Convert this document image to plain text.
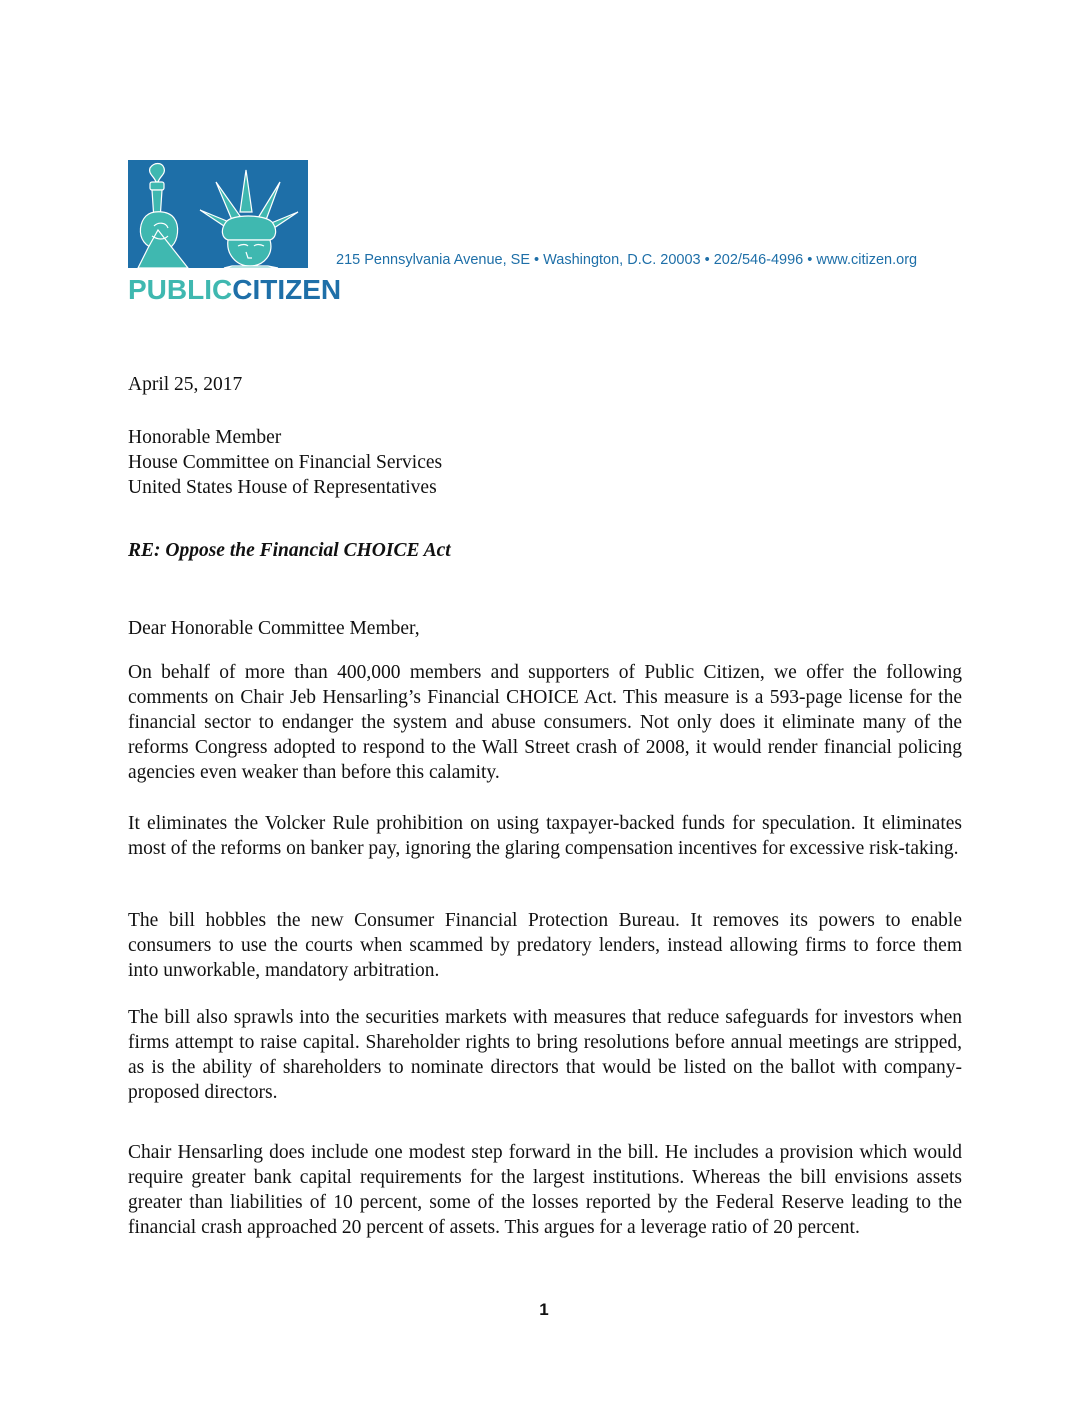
PUBLICCITIZEN
215 Pennsylvania Avenue, SE • Washington, D.C. 20003 • 202/546-4996 • www.citizen.org

April 25, 2017

Honorable Member

House Committee on Financial Services

United States House of Representatives

RE: Oppose the Financial CHOICE Act

Dear Honorable Committee Member,

On behalf of more than 400,000 members and supporters of Public Citizen, we offer the following comments on Chair Jeb Hensarling’s Financial CHOICE Act. This measure is a 593-page license for the financial sector to endanger the system and abuse consumers. Not only does it eliminate many of the reforms Congress adopted to respond to the Wall Street crash of 2008, it would render financial policing agencies even weaker than before this calamity.

It eliminates the Volcker Rule prohibition on using taxpayer-backed funds for speculation. It eliminates most of the reforms on banker pay, ignoring the glaring compensation incentives for excessive risk-taking.

The bill hobbles the new Consumer Financial Protection Bureau. It removes its powers to enable consumers to use the courts when scammed by predatory lenders, instead allowing firms to force them into unworkable, mandatory arbitration.

The bill also sprawls into the securities markets with measures that reduce safeguards for investors when firms attempt to raise capital. Shareholder rights to bring resolutions before annual meetings are stripped, as is the ability of shareholders to nominate directors that would be listed on the ballot with company-proposed directors.

Chair Hensarling does include one modest step forward in the bill. He includes a provision which would require greater bank capital requirements for the largest institutions. Whereas the bill envisions assets greater than liabilities of 10 percent, some of the losses reported by the Federal Reserve leading to the financial crash approached 20 percent of assets. This argues for a leverage ratio of 20 percent.

1
